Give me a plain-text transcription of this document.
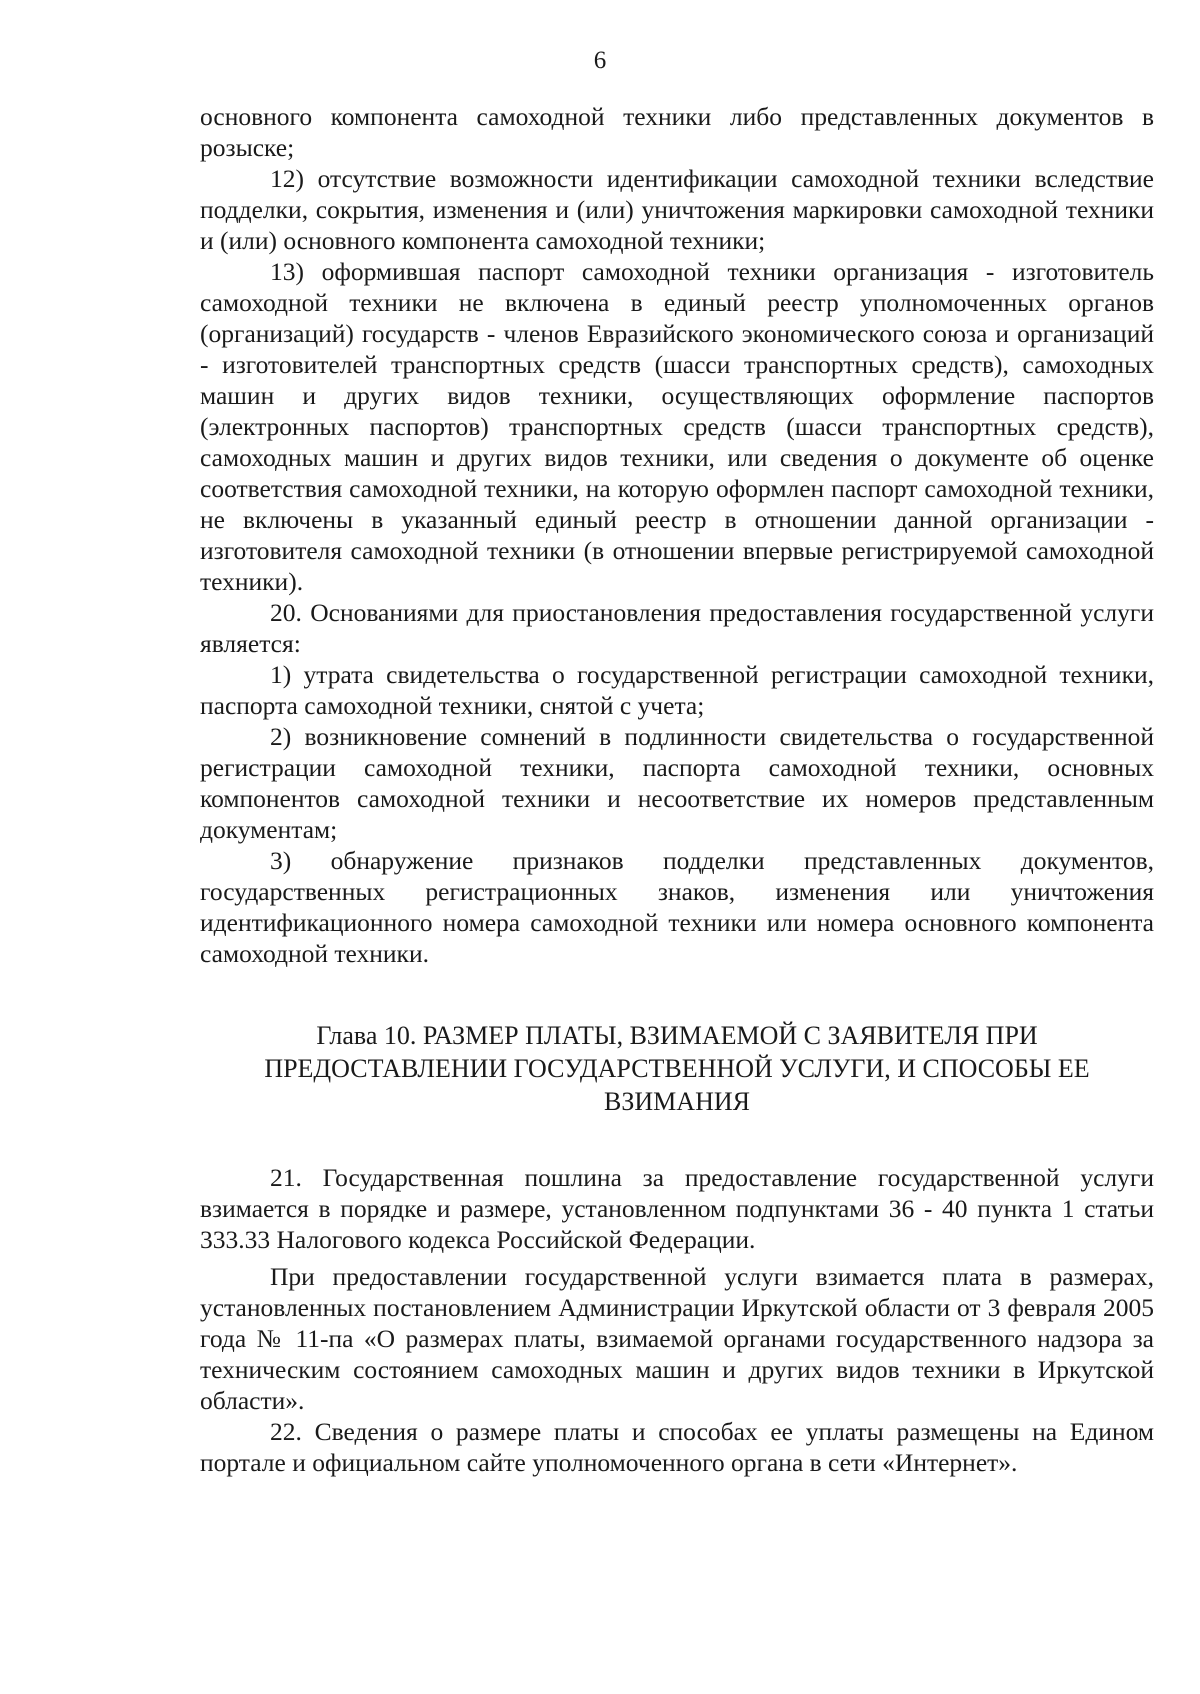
6

основного компонента самоходной техники либо представленных документов в розыске;

12) отсутствие возможности идентификации самоходной техники вследствие подделки, сокрытия, изменения и (или) уничтожения маркировки самоходной техники и (или) основного компонента самоходной техники;

13) оформившая паспорт самоходной техники организация - изготовитель самоходной техники не включена в единый реестр уполномоченных органов (организаций) государств - членов Евразийского экономического союза и организаций - изготовителей транспортных средств (шасси транспортных средств), самоходных машин и других видов техники, осуществляющих оформление паспортов (электронных паспортов) транспортных средств (шасси транспортных средств), самоходных машин и других видов техники, или сведения о документе об оценке соответствия самоходной техники, на которую оформлен паспорт самоходной техники, не включены в указанный единый реестр в отношении данной организации - изготовителя самоходной техники (в отношении впервые регистрируемой самоходной техники).

20. Основаниями для приостановления предоставления государственной услуги является:

1) утрата свидетельства о государственной регистрации самоходной техники, паспорта самоходной техники, снятой с учета;

2) возникновение сомнений в подлинности свидетельства о государственной регистрации самоходной техники, паспорта самоходной техники, основных компонентов самоходной техники и несоответствие их номеров представленным документам;

3) обнаружение признаков подделки представленных документов, государственных регистрационных знаков, изменения или уничтожения идентификационного номера самоходной техники или номера основного компонента самоходной техники.

Глава 10. РАЗМЕР ПЛАТЫ, ВЗИМАЕМОЙ С ЗАЯВИТЕЛЯ ПРИ
ПРЕДОСТАВЛЕНИИ ГОСУДАРСТВЕННОЙ УСЛУГИ, И СПОСОБЫ ЕЕ
ВЗИМАНИЯ

21. Государственная пошлина за предоставление государственной услуги взимается в порядке и размере, установленном подпунктами 36 - 40 пункта 1 статьи 333.33 Налогового кодекса Российской Федерации.

При предоставлении государственной услуги взимается плата в размерах, установленных постановлением Администрации Иркутской области от 3 февраля 2005 года № 11-па «О размерах платы, взимаемой органами государственного надзора за техническим состоянием самоходных машин и других видов техники в Иркутской области».

22. Сведения о размере платы и способах ее уплаты размещены на Едином портале и официальном сайте уполномоченного органа в сети «Интернет».
